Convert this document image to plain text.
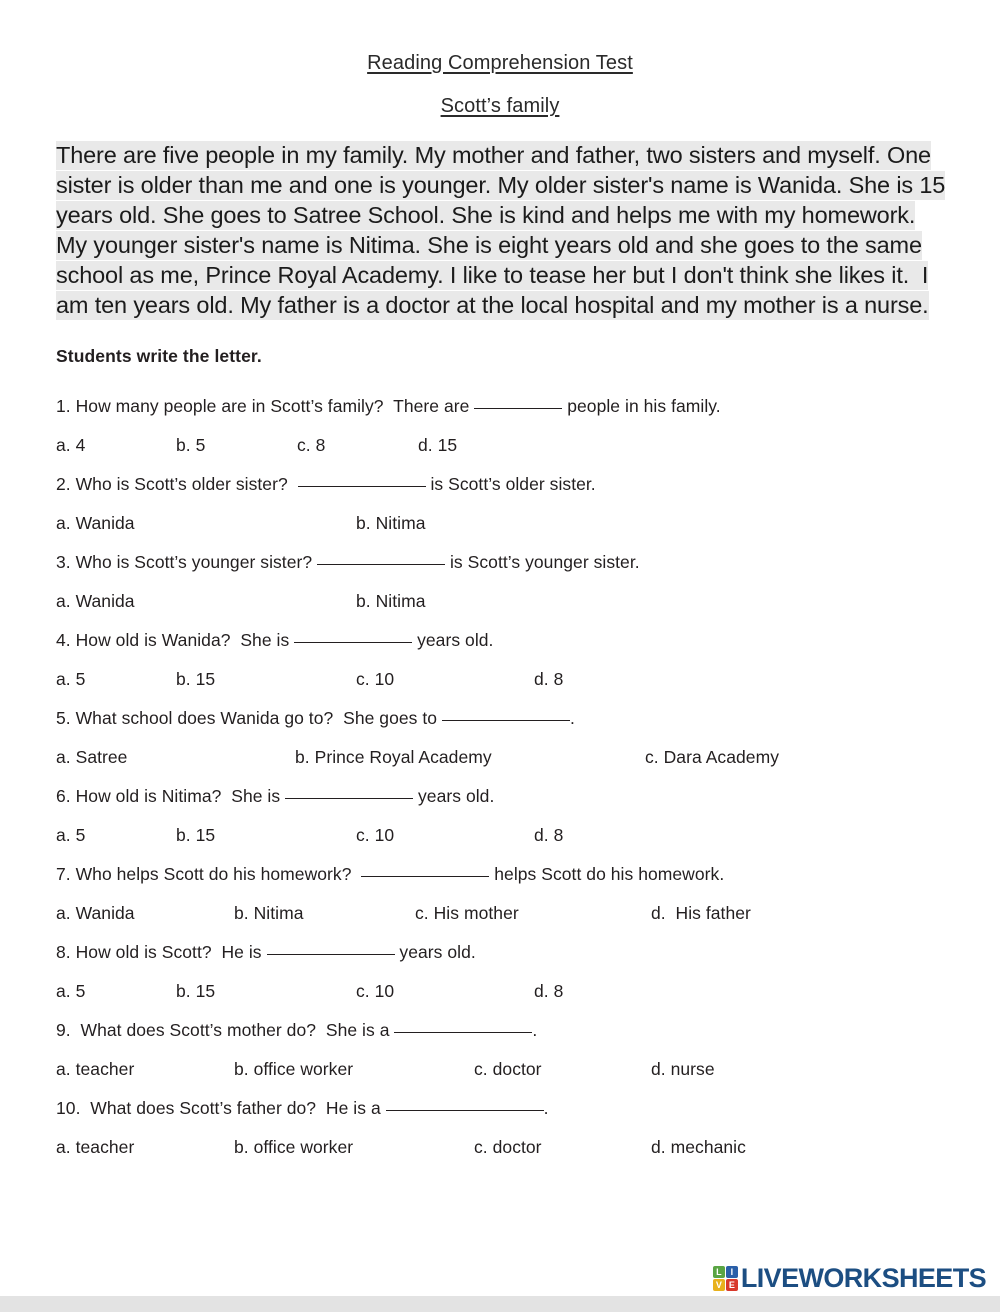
Reading Comprehension Test
Scott’s family
There are five people in my family. My mother and father, two sisters and myself. One
sister is older than me and one is younger. My older sister's name is Wanida. She is 15
years old. She goes to Satree School. She is kind and helps me with my homework.
My younger sister's name is Nitima. She is eight years old and she goes to the same
school as me, Prince Royal Academy. I like to tease her but I don't think she likes it.  I
am ten years old. My father is a doctor at the local hospital and my mother is a nurse.
Students write the letter.
1. How many people are in Scott’s family?  There are	people in his family.
a. 4	b. 5	c. 8	d. 15
2. Who is Scott’s older sister?	is Scott’s older sister.
a. Wanida	b. Nitima
3. Who is Scott’s younger sister?	is Scott’s younger sister.
a. Wanida	b. Nitima
4. How old is Wanida?  She is	years old.
a. 5	b. 15	c. 10	d. 8
5. What school does Wanida go to?  She goes to	.
a. Satree	b. Prince Royal Academy	c. Dara Academy
6. How old is Nitima?  She is	years old.
a. 5	b. 15	c. 10	d. 8
7. Who helps Scott do his homework?	helps Scott do his homework.
a. Wanida	b. Nitima	c. His mother	d.  His father
8. How old is Scott?  He is	years old.
a. 5	b. 15	c. 10	d. 8
9.  What does Scott’s mother do?  She is a	.
a. teacher	b. office worker	c. doctor	d. nurse
10.  What does Scott’s father do?  He is a	.
a. teacher	b. office worker	c. doctor	d. mechanic
L I
V E LIVEWORKSHEETS
